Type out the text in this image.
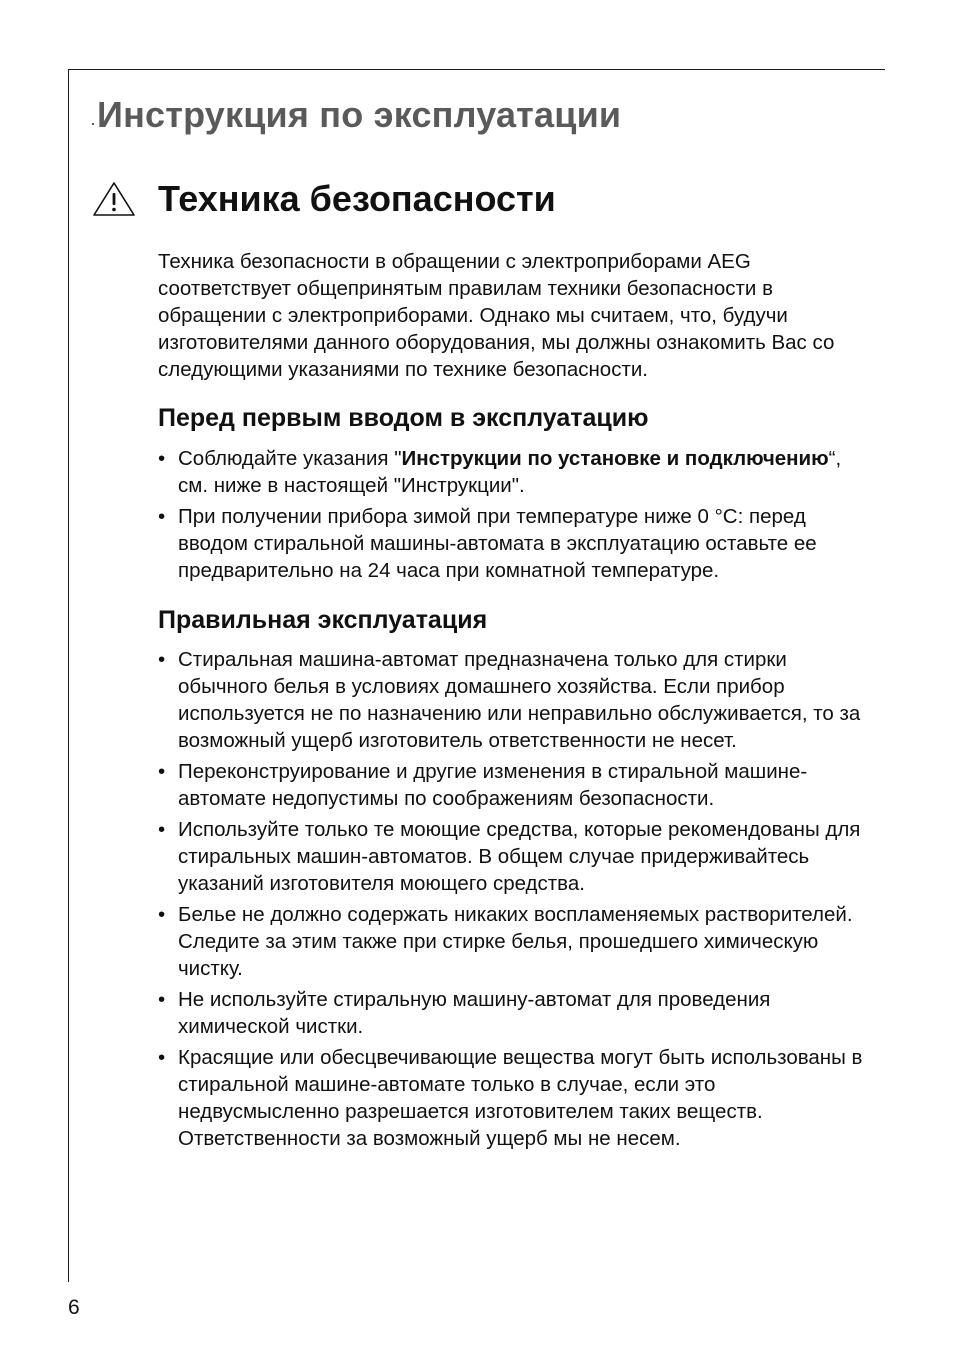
Инструкция по эксплуатации
Техника безопасности

Техника безопасности в обращении с электроприборами AEG соответствует общепринятым правилам техники безопасности в обращении с электроприборами. Однако мы считаем, что, будучи изготовителями данного оборудования, мы должны ознакомить Вас со следующими указаниями по технике безопасности.

Перед первым вводом в эксплуатацию
• Соблюдайте указания "Инструкции по установке и подключению“, см. ниже в настоящей "Инструкции".
• При получении прибора зимой при температуре ниже 0 °C: перед вводом стиральной машины-автомата в эксплуатацию оставьте ее предварительно на 24 часа при комнатной температуре.
Правильная эксплуатация
• Стиральная машина-автомат предназначена только для стирки обычного белья в условиях домашнего хозяйства. Если прибор используется не по назначению или неправильно обслуживается, то за возможный ущерб изготовитель ответственности не несет.
• Переконструирование и другие изменения в стиральной машине-автомате недопустимы по соображениям безопасности.
• Используйте только те моющие средства, которые рекомендованы для стиральных машин-автоматов. В общем случае придерживайтесь указаний изготовителя моющего средства.
• Белье не должно содержать никаких воспламеняемых растворителей. Следите за этим также при стирке белья, прошедшего химическую чистку.
• Не используйте стиральную машину-автомат для проведения химической чистки.
• Красящие или обесцвечивающие вещества могут быть использованы в стиральной машине-автомате только в случае, если это недвусмысленно разрешается изготовителем таких веществ. Ответственности за возможный ущерб мы не несем.
6
